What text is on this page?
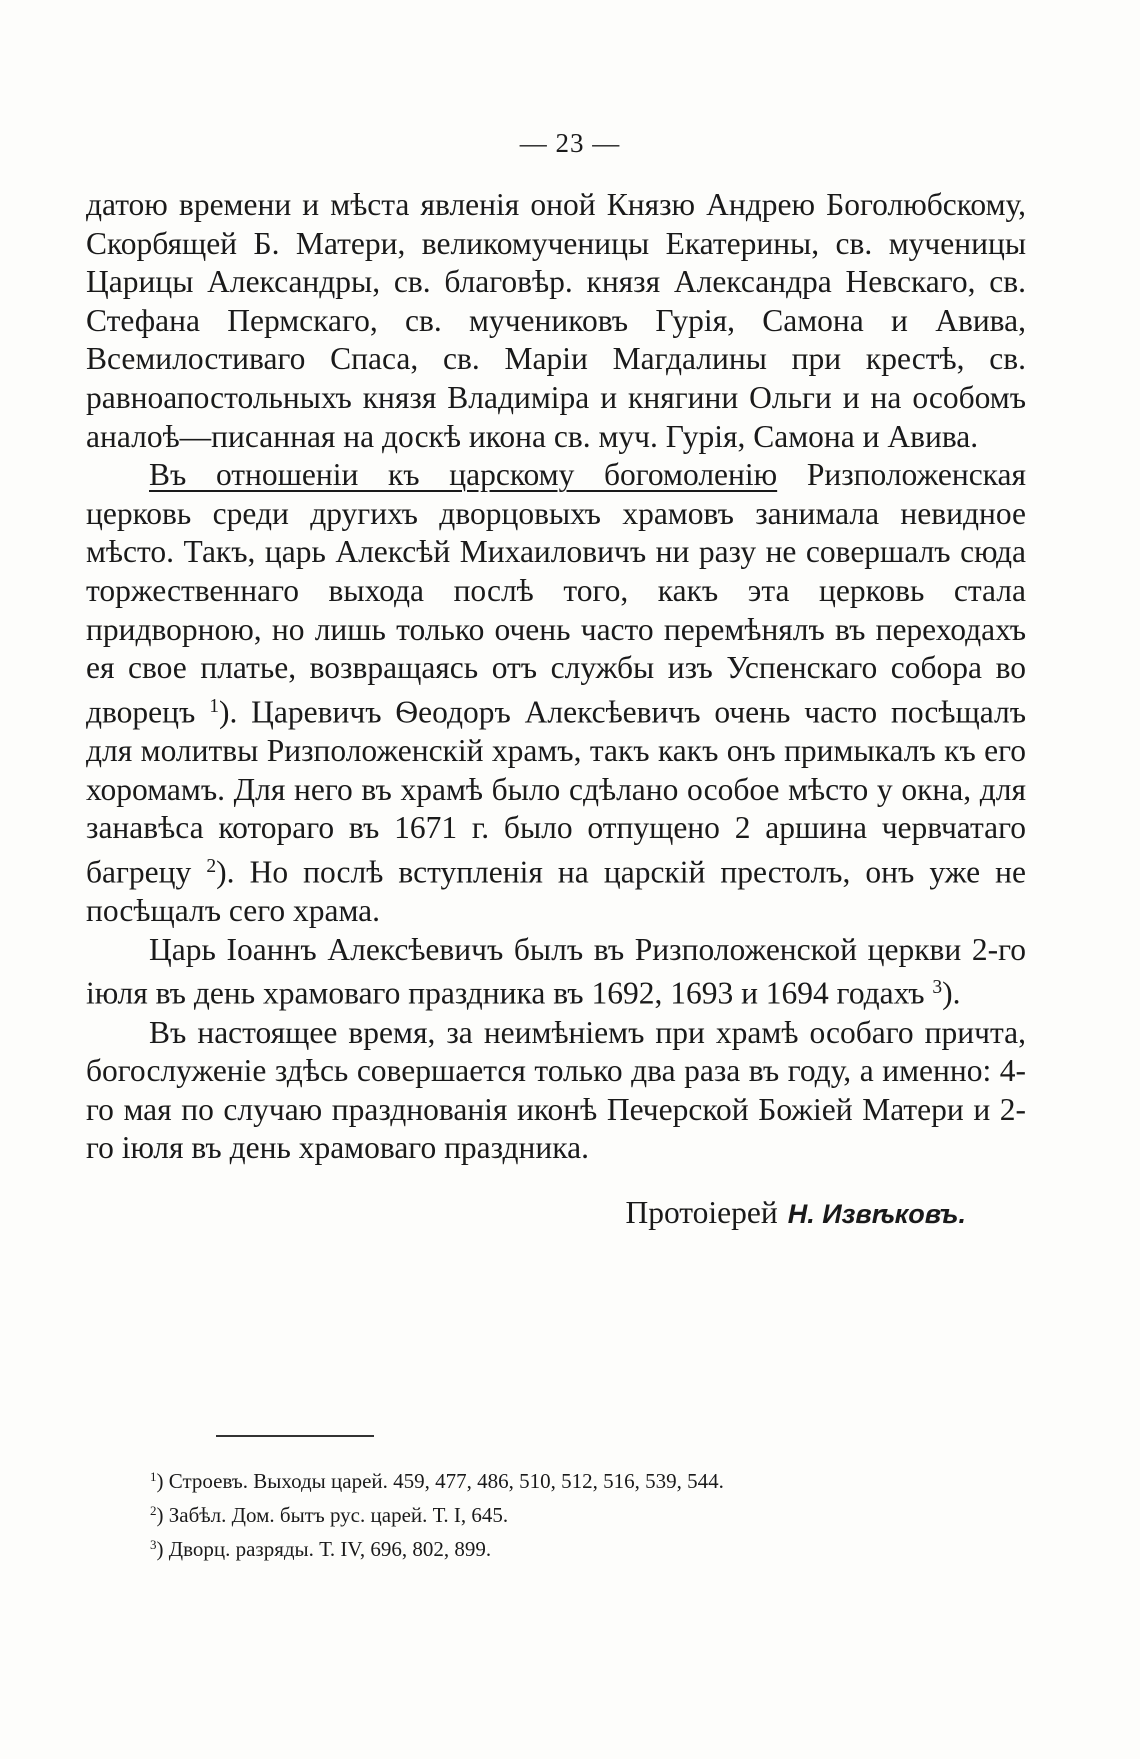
— 23 —

датою времени и мѣста явленія оной Князю Андрею Боголюбскому, Скорбящей Б. Матери, великомученицы Екатерины, св. мученицы Царицы Александры, св. благовѣр. князя Александра Невскаго, св. Стефана Пермскаго, св. мучениковъ Гурія, Самона и Авива, Всемилостиваго Спаса, св. Маріи Магдалины при крестѣ, св. равноапостольныхъ князя Владиміра и княгини Ольги и на особомъ аналоѣ—писанная на доскѣ икона св. муч. Гурія, Самона и Авива.

Въ отношеніи къ царскому богомоленію Ризположенская церковь среди другихъ дворцовыхъ храмовъ занимала невидное мѣсто. Такъ, царь Алексѣй Михаиловичъ ни разу не совершалъ сюда торжественнаго выхода послѣ того, какъ эта церковь стала придворною, но лишь только очень часто перемѣнялъ въ переходахъ ея свое платье, возвращаясь отъ службы изъ Успенскаго собора во дворецъ $^1$). Царевичъ Ѳеодоръ Алексѣевичъ очень часто посѣщалъ для молитвы Ризположенскій храмъ, такъ какъ онъ примыкалъ къ его хоромамъ. Для него въ храмѣ было сдѣлано особое мѣсто у окна, для занавѣса котораго въ 1671 г. было отпущено 2 аршина червчатаго багрецу $^2$). Но послѣ вступленія на царскій престолъ, онъ уже не посѣщалъ сего храма.

Царь Іоаннъ Алексѣевичъ былъ въ Ризположенской церкви 2-го іюля въ день храмоваго праздника въ 1692, 1693 и 1694 годахъ $^3$).

Въ настоящее время, за неимѣніемъ при храмѣ особаго причта, богослуженіе здѣсь совершается только два раза въ году, а именно: 4-го мая по случаю празднованія иконѣ Печерской Божіей Матери и 2-го іюля въ день храмоваго праздника.

Протоіерей Н. Извѣковъ.
$^1$) Строевъ. Выходы царей. 459, 477, 486, 510, 512, 516, 539, 544.
$^2$) Забѣл. Дом. бытъ рус. царей. Т. I, 645.
$^3$) Дворц. разряды. Т. IV, 696, 802, 899.
